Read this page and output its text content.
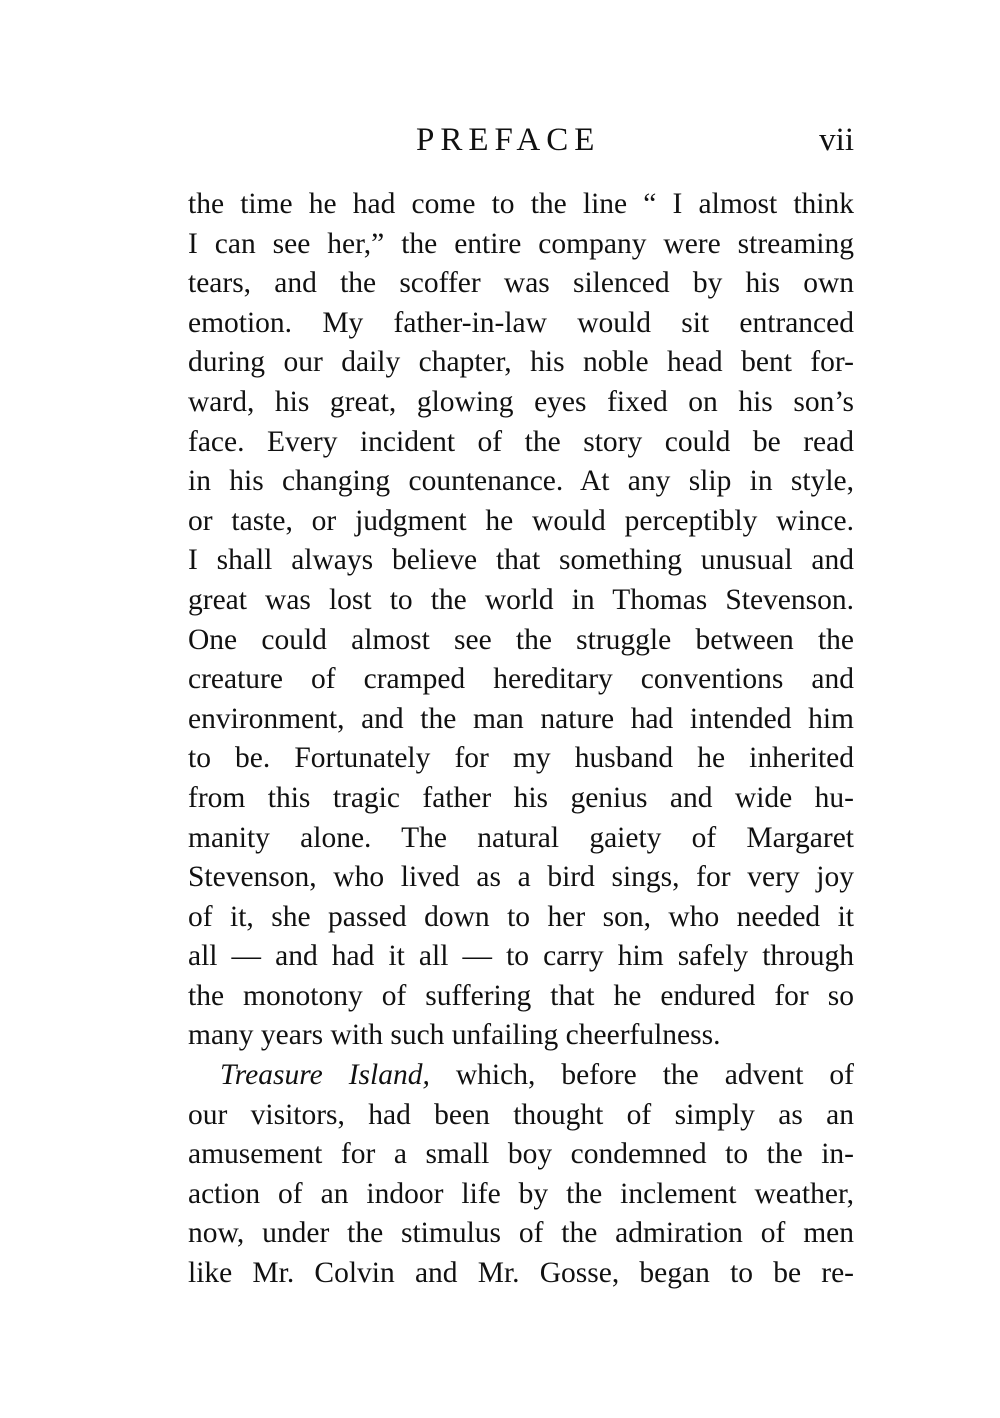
PREFACE	vii
the time he had come to the line “ I almost think
I can see her,” the entire company were streaming
tears, and the scoffer was silenced by his own
emotion. My father-in-law would sit entranced
during our daily chapter, his noble head bent for-
ward, his great, glowing eyes fixed on his son’s
face. Every incident of the story could be read
in his changing countenance. At any slip in style,
or taste, or judgment he would perceptibly wince.
I shall always believe that something unusual and
great was lost to the world in Thomas Stevenson.
One could almost see the struggle between the
creature of cramped hereditary conventions and
environment, and the man nature had intended him
to be. Fortunately for my husband he inherited
from this tragic father his genius and wide hu-
manity alone. The natural gaiety of Margaret
Stevenson, who lived as a bird sings, for very joy
of it, she passed down to her son, who needed it
all — and had it all — to carry him safely through
the monotony of suffering that he endured for so
many years with such unfailing cheerfulness.
Treasure Island, which, before the advent of
our visitors, had been thought of simply as an
amusement for a small boy condemned to the in-
action of an indoor life by the inclement weather,
now, under the stimulus of the admiration of men
like Mr. Colvin and Mr. Gosse, began to be re-
